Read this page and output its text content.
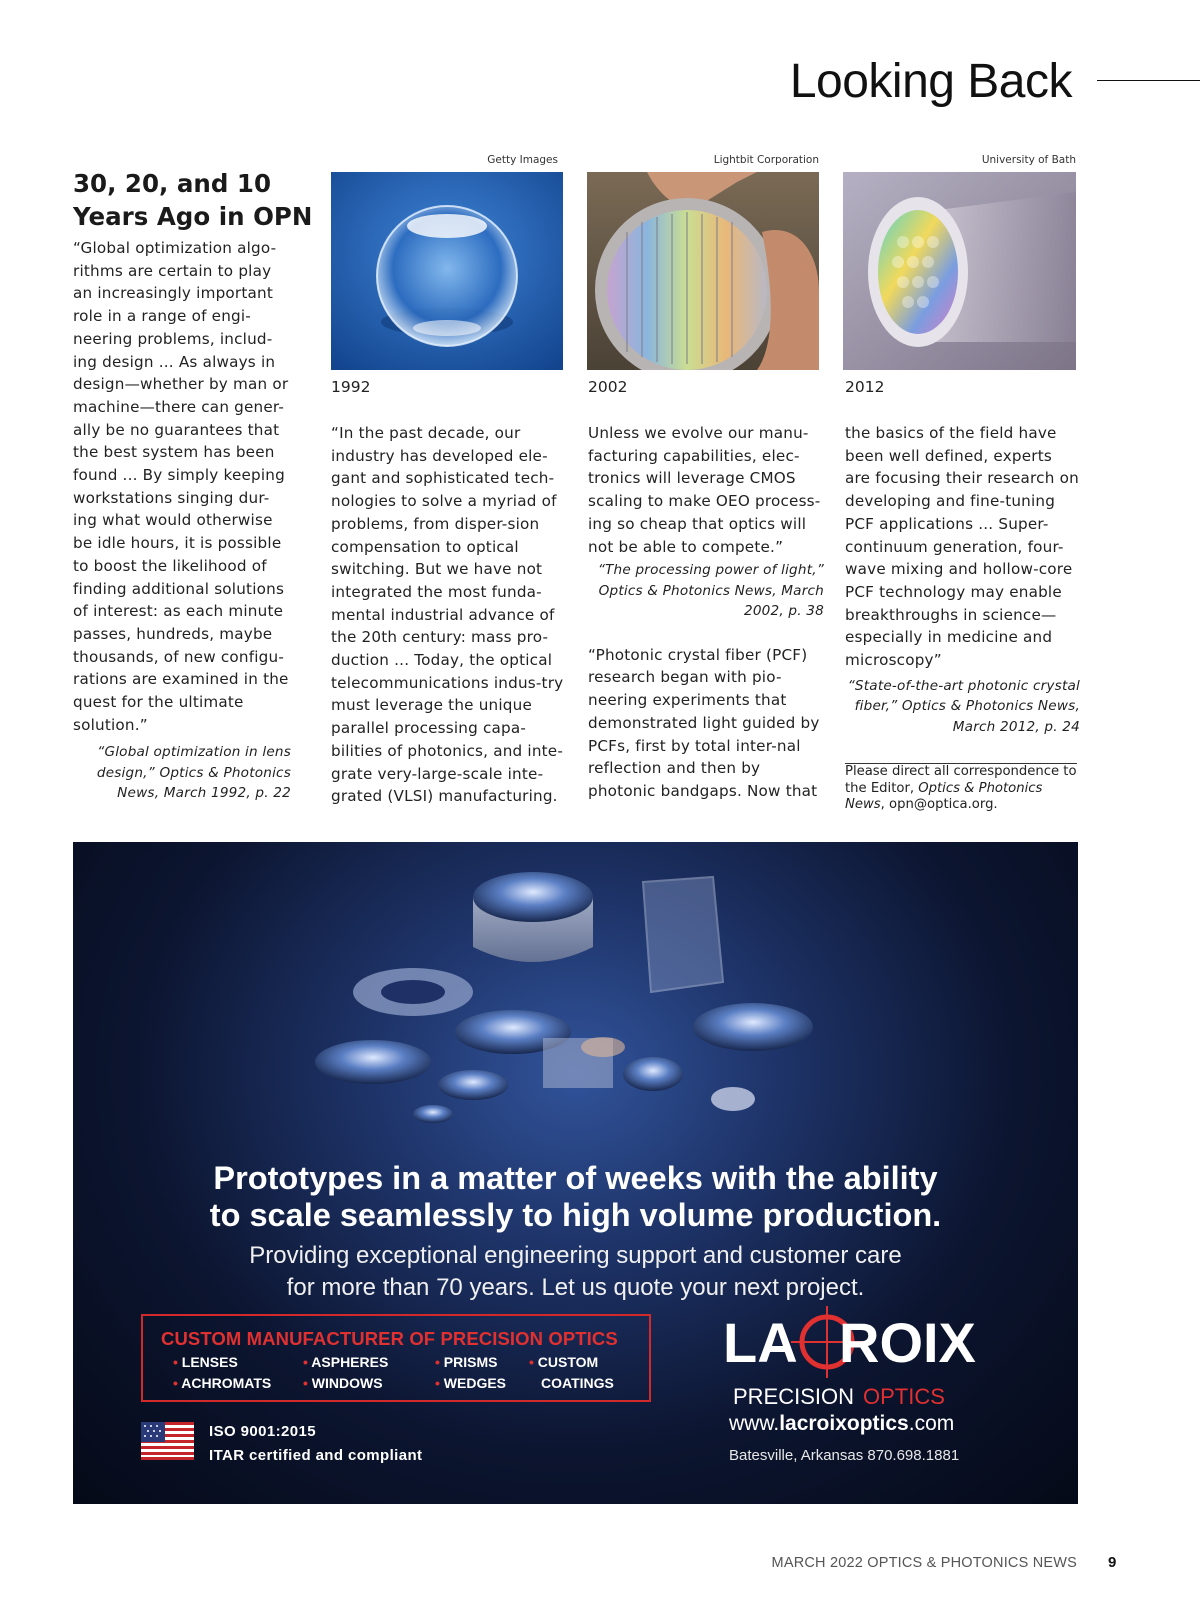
Looking Back
30, 20, and 10 Years Ago in OPN

“Global optimization algo-rithms are certain to play an increasingly important role in a range of engi-neering problems, includ-ing design ... As always in design—whether by man or machine—there can gener-ally be no guarantees that the best system has been found ... By simply keeping workstations singing dur-ing what would otherwise be idle hours, it is possible to boost the likelihood of finding additional solutions of interest: as each minute passes, hundreds, maybe thousands, of new configu-rations are examined in the quest for the ultimate solution.”

“Global optimization in lens design,” Optics & Photonics News, March 1992, p. 22

Getty Images	Lightbit Corporation	University of Bath
1992	2002	2012

“In the past decade, our industry has developed ele-gant and sophisticated tech-nologies to solve a myriad of problems, from disper-sion compensation to optical switching. But we have not integrated the most funda-mental industrial advance of the 20th century: mass pro-duction ... Today, the optical telecommunications indus-try must leverage the unique parallel processing capa-bilities of photonics, and inte-grate very-large-scale inte-grated (VLSI) manufacturing.

Unless we evolve our manu-facturing capabilities, elec-tronics will leverage CMOS scaling to make OEO process-ing so cheap that optics will not be able to compete.”

“The processing power of light,” Optics & Photonics News, March 2002, p. 38

“Photonic crystal fiber (PCF) research began with pio-neering experiments that demonstrated light guided by PCFs, first by total inter-nal reflection and then by photonic bandgaps. Now that

the basics of the field have been well defined, experts are focusing their research on developing and fine-tuning PCF applications ... Super-continuum generation, four-wave mixing and hollow-core PCF technology may enable breakthroughs in science—especially in medicine and microscopy”

“State-of-the-art photonic crystal fiber,” Optics & Photonics News, March 2012, p. 24

Please direct all correspondence to the Editor, Optics & Photonics News, opn@optica.org.
Prototypes in a matter of weeks with the ability
to scale seamlessly to high volume production.
Providing exceptional engineering support and customer care
for more than 70 years. Let us quote your next project.
CUSTOM MANUFACTURER OF PRECISION OPTICS
• LENSES	• ASPHERES	• PRISMS • CUSTOM
• ACHROMATS • WINDOWS	• WEDGES COATINGS
ISO 9001:2015
ITAR certified and compliant
LA ROIX
PRECISION OPTICS
www.lacroixoptics.com
Batesville, Arkansas 870.698.1881
MARCH 2022 OPTICS & PHOTONICS NEWS 9
